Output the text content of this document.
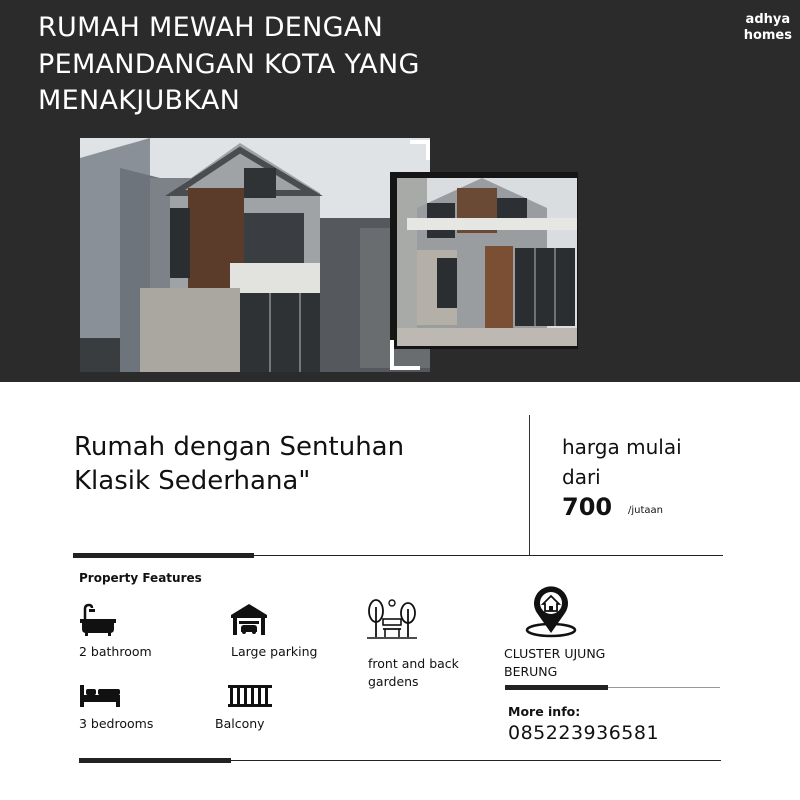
RUMAH MEWAH DENGAN
PEMANDANGAN KOTA YANG
MENAKJUBKAN
adhya
homes
Rumah dengan Sentuhan
Klasik Sederhana"
harga mulai
dari
700 /jutaan
Property Features
2 bathroom	Large parking
front and back
gardens
3 bedrooms	Balcony
CLUSTER UJUNG
BERUNG
More info:
085223936581
